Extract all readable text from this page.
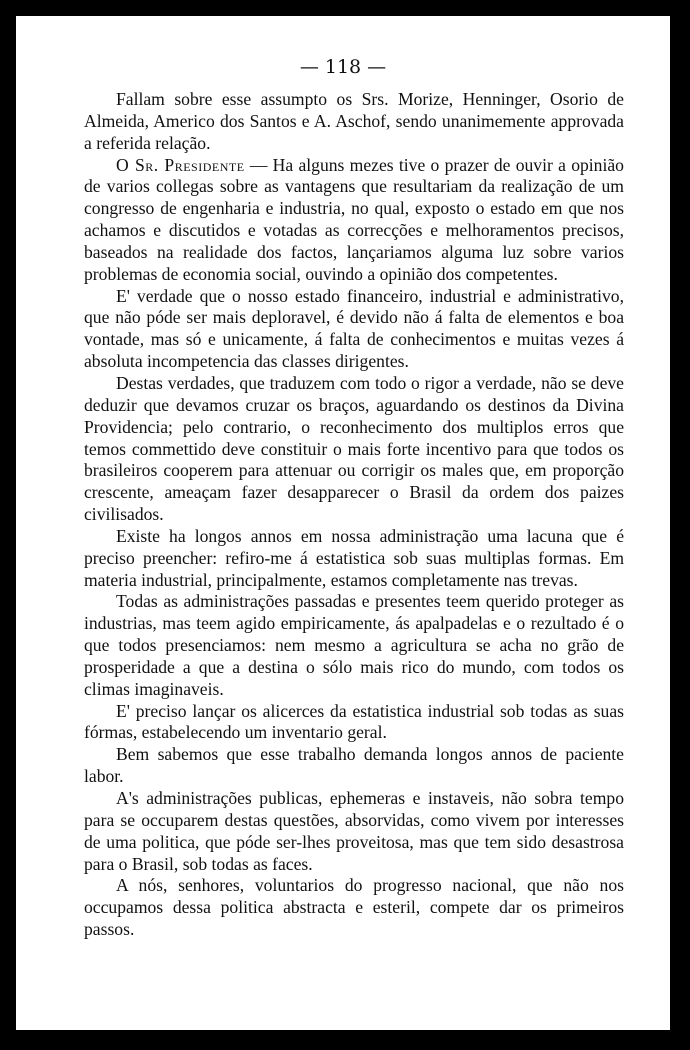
— 118 —

Fallam sobre esse assumpto os Srs. Morize, Henninger, Osorio de Almeida, Americo dos Santos e A. Aschof, sendo unanimemente approvada a referida relação.

O Sr. Presidente — Ha alguns mezes tive o prazer de ouvir a opinião de varios collegas sobre as vantagens que resultariam da realização de um congresso de engenharia e industria, no qual, exposto o estado em que nos achamos e discutidos e votadas as correcções e melhoramentos precisos, baseados na realidade dos factos, lançariamos alguma luz sobre varios problemas de economia social, ouvindo a opinião dos competentes.

E' verdade que o nosso estado financeiro, industrial e administrativo, que não póde ser mais deploravel, é devido não á falta de elementos e boa vontade, mas só e unicamente, á falta de conhecimentos e muitas vezes á absoluta incompetencia das classes dirigentes.

Destas verdades, que traduzem com todo o rigor a verdade, não se deve deduzir que devamos cruzar os braços, aguardando os destinos da Divina Providencia; pelo contrario, o reconhecimento dos multiplos erros que temos commettido deve constituir o mais forte incentivo para que todos os brasileiros cooperem para attenuar ou corrigir os males que, em proporção crescente, ameaçam fazer desapparecer o Brasil da ordem dos paizes civilisados.

Existe ha longos annos em nossa administração uma lacuna que é preciso preencher: refiro-me á estatistica sob suas multiplas formas. Em materia industrial, principalmente, estamos completamente nas trevas.

Todas as administrações passadas e presentes teem querido proteger as industrias, mas teem agido empiricamente, ás apalpadelas e o rezultado é o que todos presenciamos: nem mesmo a agricultura se acha no grão de prosperidade a que a destina o sólo mais rico do mundo, com todos os climas imaginaveis.

E' preciso lançar os alicerces da estatistica industrial sob todas as suas fórmas, estabelecendo um inventario geral.

Bem sabemos que esse trabalho demanda longos annos de paciente labor.

A's administrações publicas, ephemeras e instaveis, não sobra tempo para se occuparem destas questões, absorvidas, como vivem por interesses de uma politica, que póde ser-lhes proveitosa, mas que tem sido desastrosa para o Brasil, sob todas as faces.

A nós, senhores, voluntarios do progresso nacional, que não nos occupamos dessa politica abstracta e esteril, compete dar os primeiros passos.
